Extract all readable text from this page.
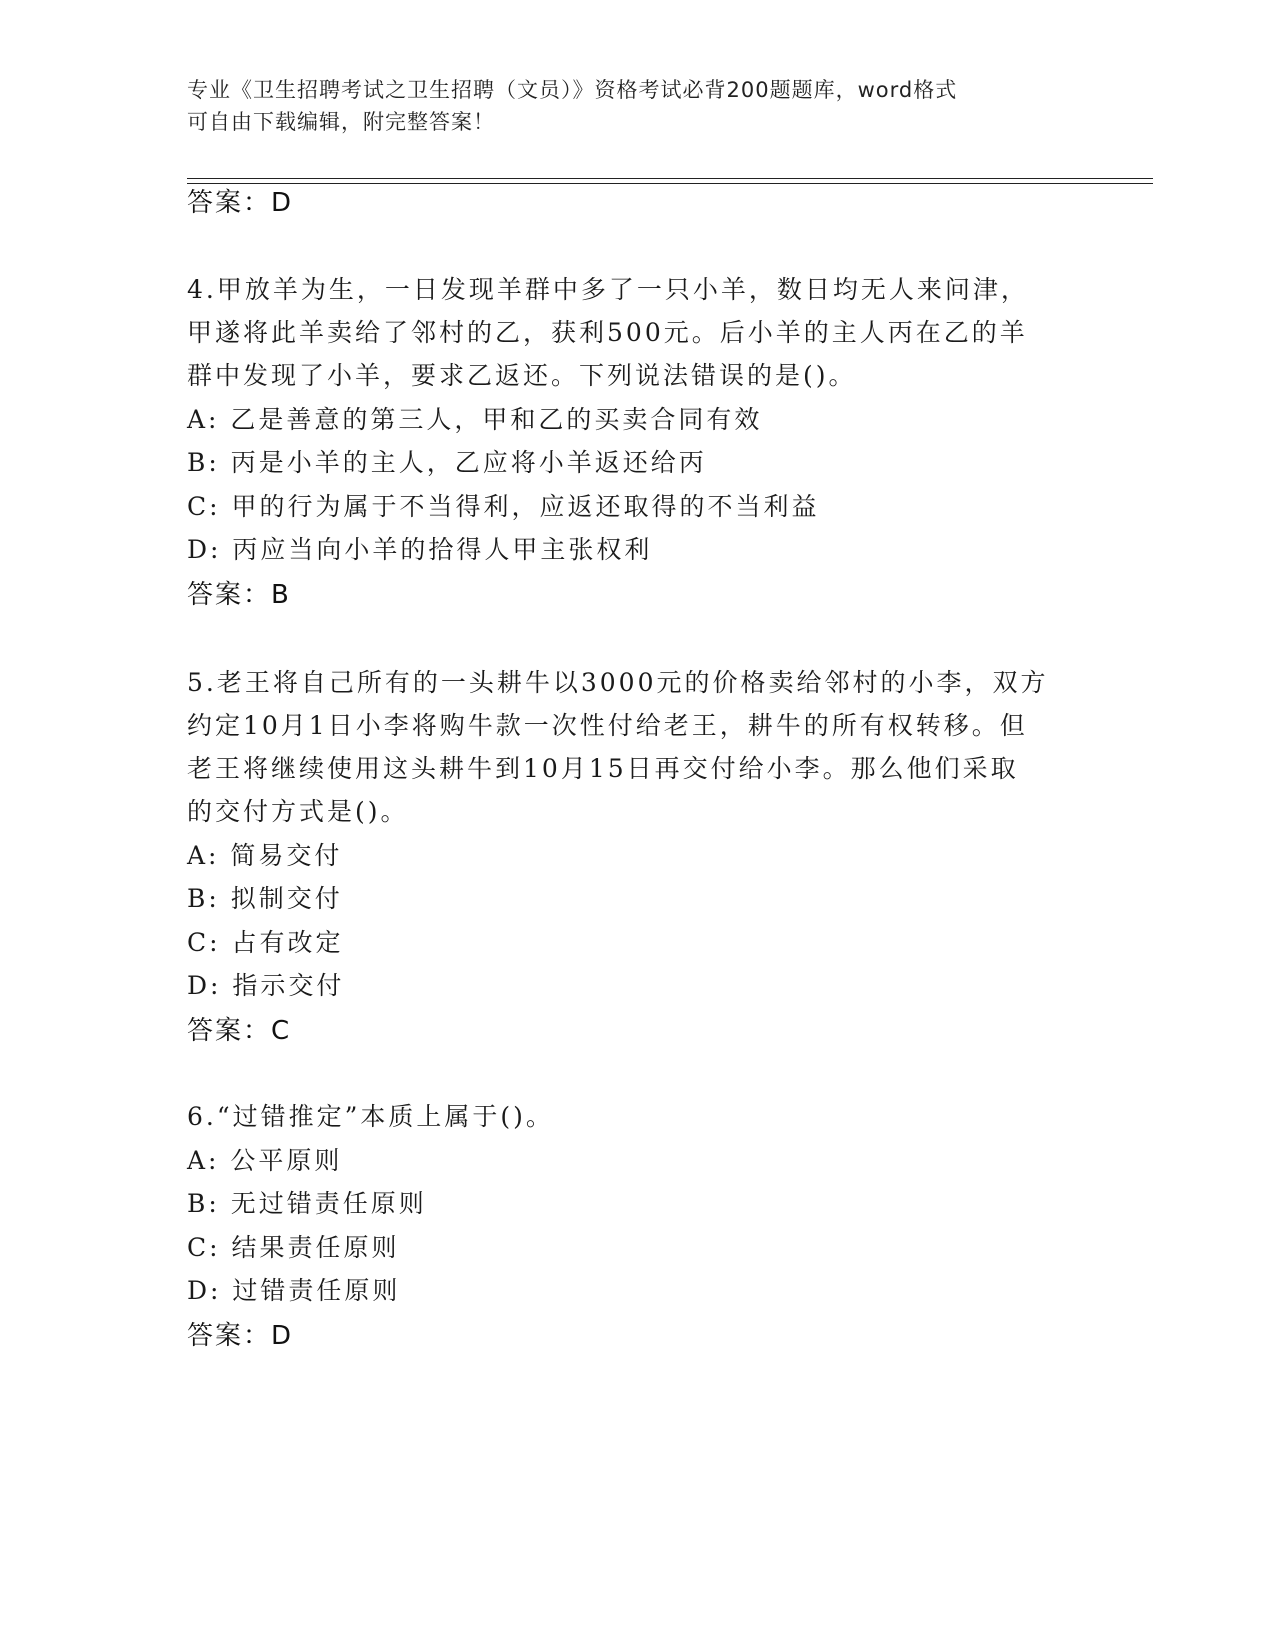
专业《卫生招聘考试之卫生招聘（文员）》资格考试必背200题题库，word格式
可自由下载编辑，附完整答案！
答案：D
4.甲放羊为生，一日发现羊群中多了一只小羊，数日均无人来问津，
甲遂将此羊卖给了邻村的乙，获利500元。后小羊的主人丙在乙的羊
群中发现了小羊，要求乙返还。下列说法错误的是()。
A: 乙是善意的第三人，甲和乙的买卖合同有效
B: 丙是小羊的主人，乙应将小羊返还给丙
C: 甲的行为属于不当得利，应返还取得的不当利益
D: 丙应当向小羊的拾得人甲主张权利
答案：B
5.老王将自己所有的一头耕牛以3000元的价格卖给邻村的小李，双方
约定10月1日小李将购牛款一次性付给老王，耕牛的所有权转移。但
老王将继续使用这头耕牛到10月15日再交付给小李。那么他们采取
的交付方式是()。
A: 简易交付
B: 拟制交付
C: 占有改定
D: 指示交付
答案：C
6.“过错推定”本质上属于()。
A: 公平原则
B: 无过错责任原则
C: 结果责任原则
D: 过错责任原则
答案：D
